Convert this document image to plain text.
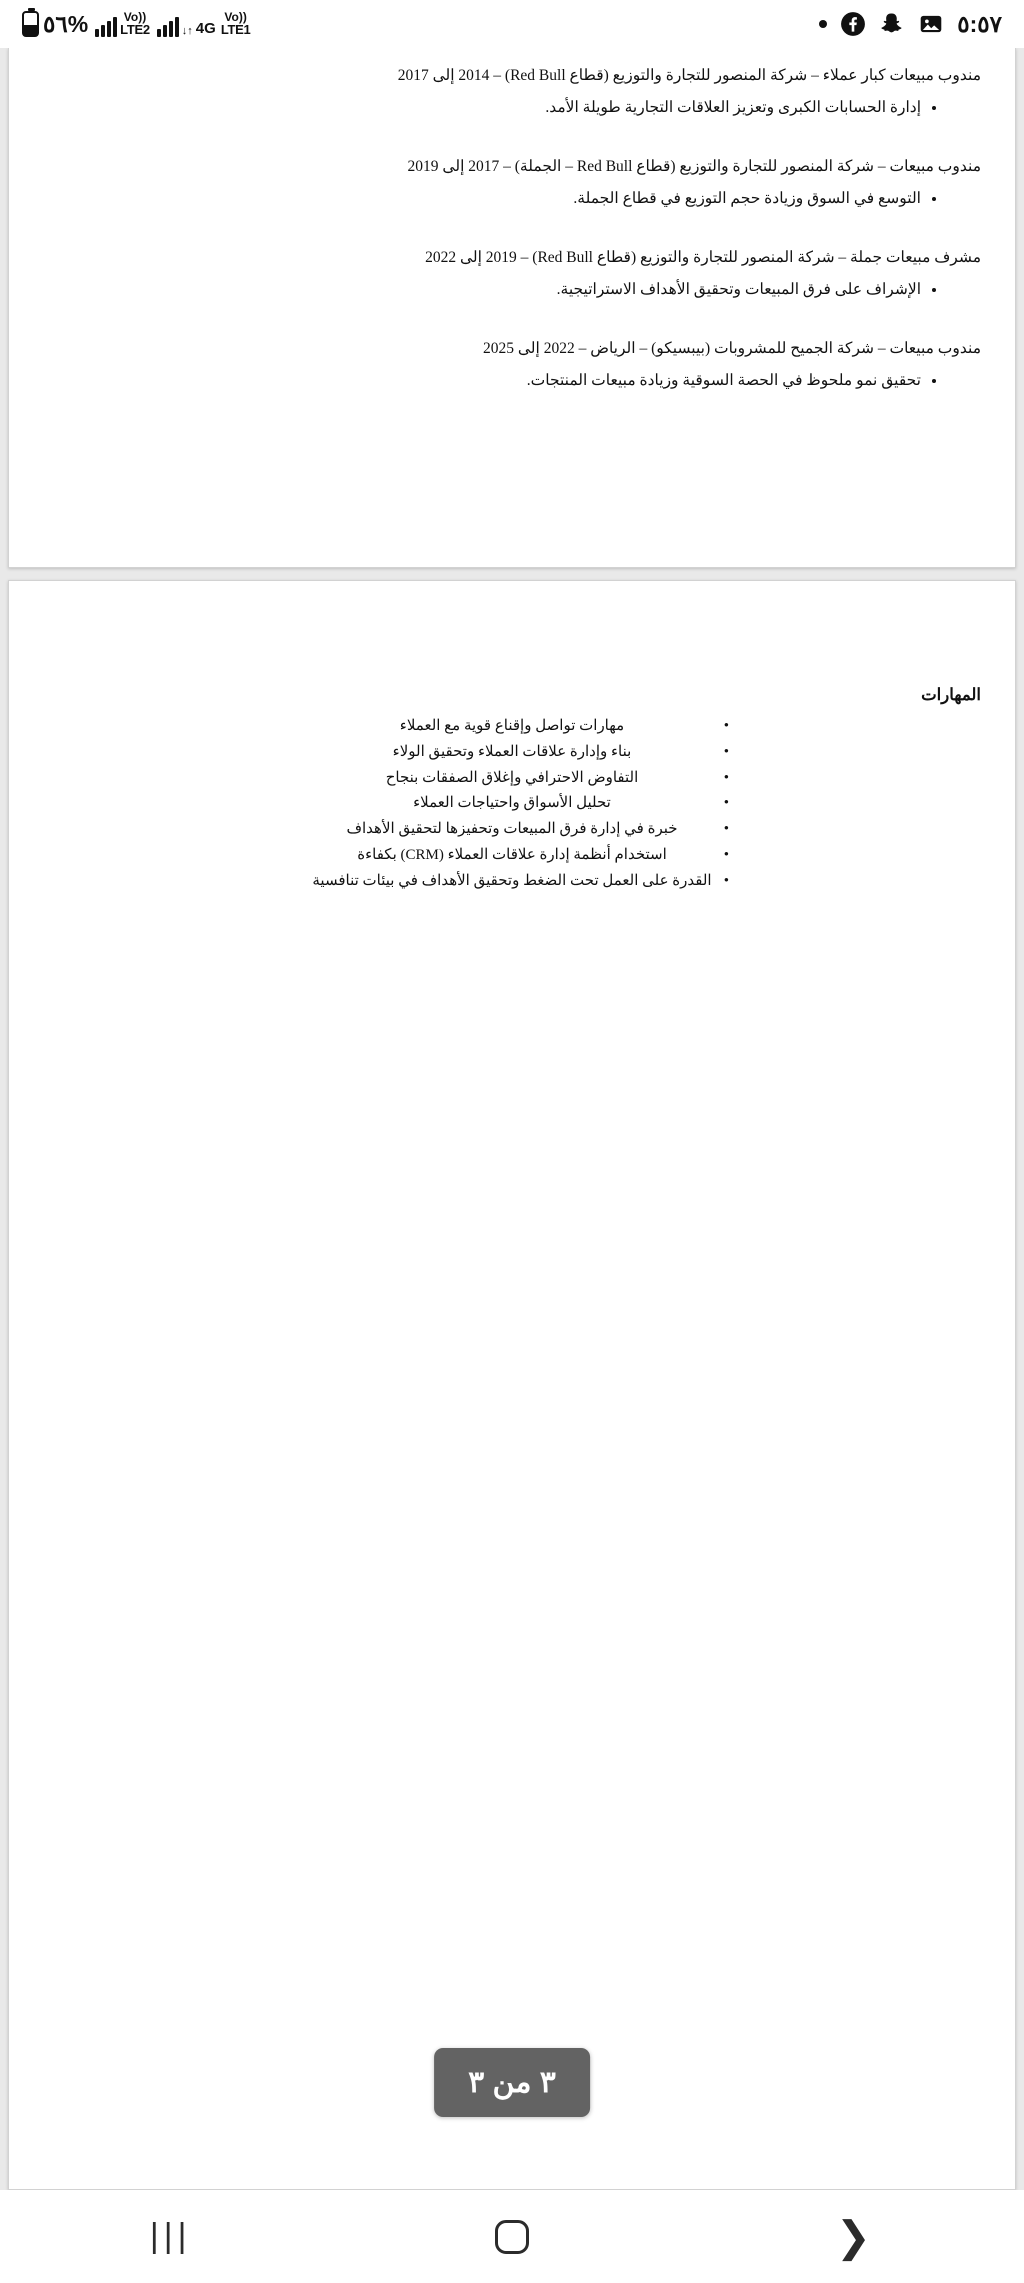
٥٦%	Vo))
LTE2	↓↑ 4G
Vo))
LTE1	٥:٥٧
مندوب مبيعات كبار عملاء – شركة المنصور للتجارة والتوزيع (قطاع Red Bull) – 2014 إلى 2017
• إدارة الحسابات الكبرى وتعزيز العلاقات التجارية طويلة الأمد.
مندوب مبيعات – شركة المنصور للتجارة والتوزيع (قطاع Red Bull – الجملة) – 2017 إلى 2019
• التوسع في السوق وزيادة حجم التوزيع في قطاع الجملة.
مشرف مبيعات جملة – شركة المنصور للتجارة والتوزيع (قطاع Red Bull) – 2019 إلى 2022
• الإشراف على فرق المبيعات وتحقيق الأهداف الاستراتيجية.
مندوب مبيعات – شركة الجميح للمشروبات (بيبسيكو) – الرياض – 2022 إلى 2025
• تحقيق نمو ملحوظ في الحصة السوقية وزيادة مبيعات المنتجات.
المهارات
مهارات تواصل وإقناع قوية مع العملاء •
بناء وإدارة علاقات العملاء وتحقيق الولاء •
التفاوض الاحترافي وإغلاق الصفقات بنجاح •
تحليل الأسواق واحتياجات العملاء •
خبرة في إدارة فرق المبيعات وتحفيزها لتحقيق الأهداف •
استخدام أنظمة إدارة علاقات العملاء (CRM) بكفاءة •
القدرة على العمل تحت الضغط وتحقيق الأهداف في بيئات تنافسية •
٣ من ٣
|||	❯
